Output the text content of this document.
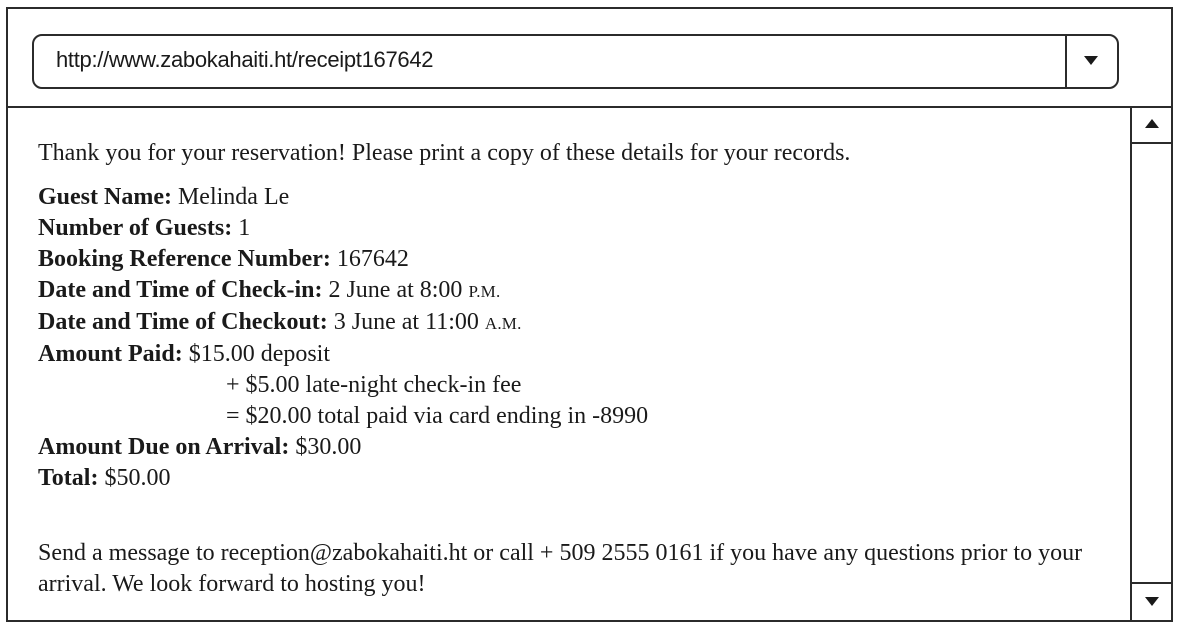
http://www.zabokahaiti.ht/receipt167642
Thank you for your reservation! Please print a copy of these details for your records.
Guest Name: Melinda Le
Number of Guests: 1
Booking Reference Number: 167642
Date and Time of Check-in: 2 June at 8:00 P.M.
Date and Time of Checkout: 3 June at 11:00 A.M.
Amount Paid: $15.00 deposit
+ $5.00 late-night check-in fee
= $20.00 total paid via card ending in -8990
Amount Due on Arrival: $30.00
Total: $50.00
Send a message to reception@zabokahaiti.ht or call + 509 2555 0161 if you have any questions prior to your arrival. We look forward to hosting you!
